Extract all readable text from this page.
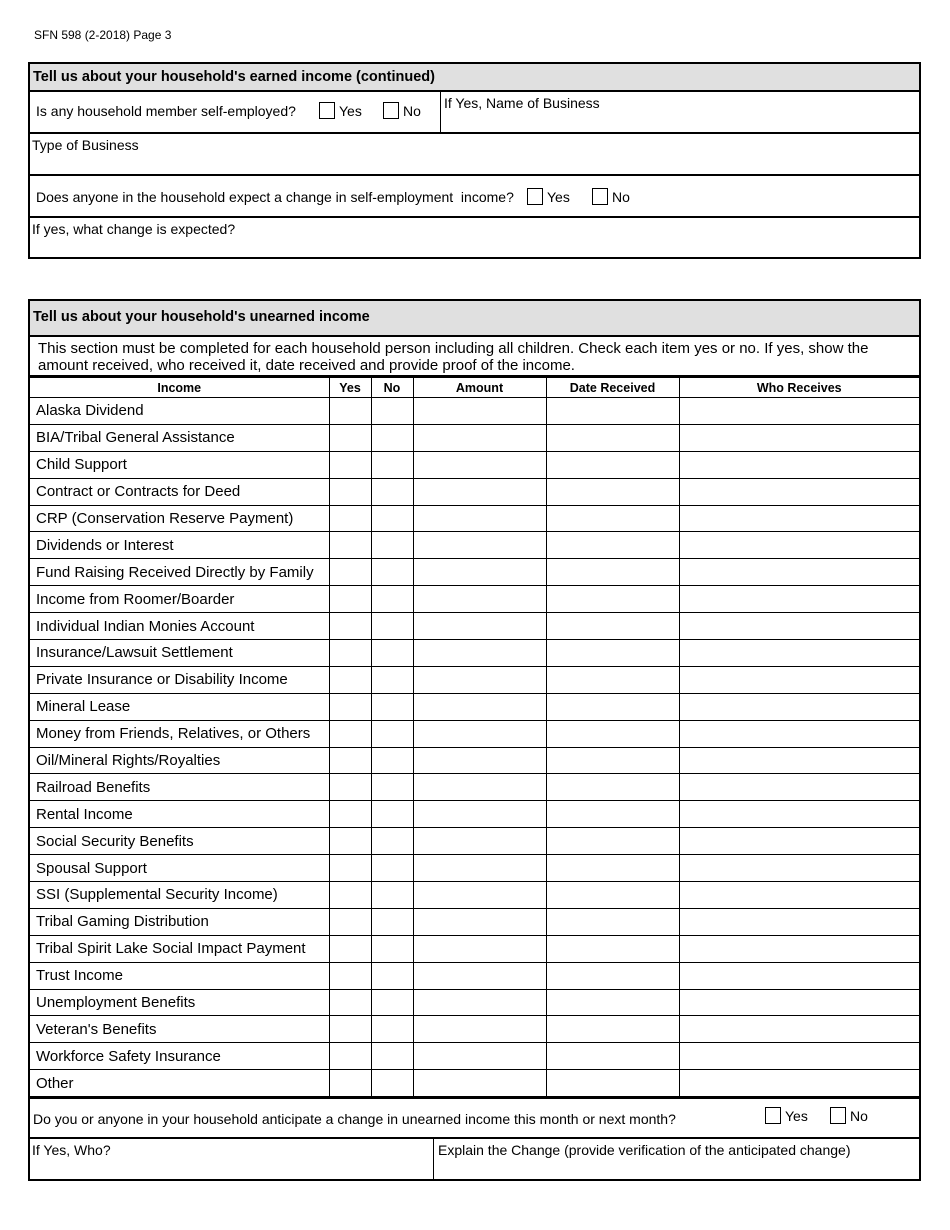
SFN 598 (2-2018) Page 3
Tell us about your household's earned income (continued)
Is any household member self-employed?	Yes	No If Yes, Name of Business
Type of Business
Does anyone in the household expect a change in self-employment  income? Yes	No
If yes, what change is expected?
Tell us about your household's unearned income
This section must be completed for each household person including all children. Check each item yes or no. If yes, show the amount received, who received it, date received and provide proof of the income.
Income	Yes	No	Amount	Date Received	Who Receives
Alaska Dividend					
BIA/Tribal General Assistance					
Child Support					
Contract or Contracts for Deed					
CRP (Conservation Reserve Payment)					
Dividends or Interest					
Fund Raising Received Directly by Family					
Income from Roomer/Boarder					
Individual Indian Monies Account					
Insurance/Lawsuit Settlement					
Private Insurance or Disability Income					
Mineral Lease					
Money from Friends, Relatives, or Others					
Oil/Mineral Rights/Royalties					
Railroad Benefits					
Rental Income					
Social Security Benefits					
Spousal Support					
SSI (Supplemental Security Income)					
Tribal Gaming Distribution					
Tribal Spirit Lake Social Impact Payment					
Trust Income					
Unemployment Benefits					
Veteran's Benefits					
Workforce Safety Insurance					
Other					
Do you or anyone in your household anticipate a change in unearned income this month or next month?	Yes	No
If Yes, Who?	Explain the Change (provide verification of the anticipated change)
